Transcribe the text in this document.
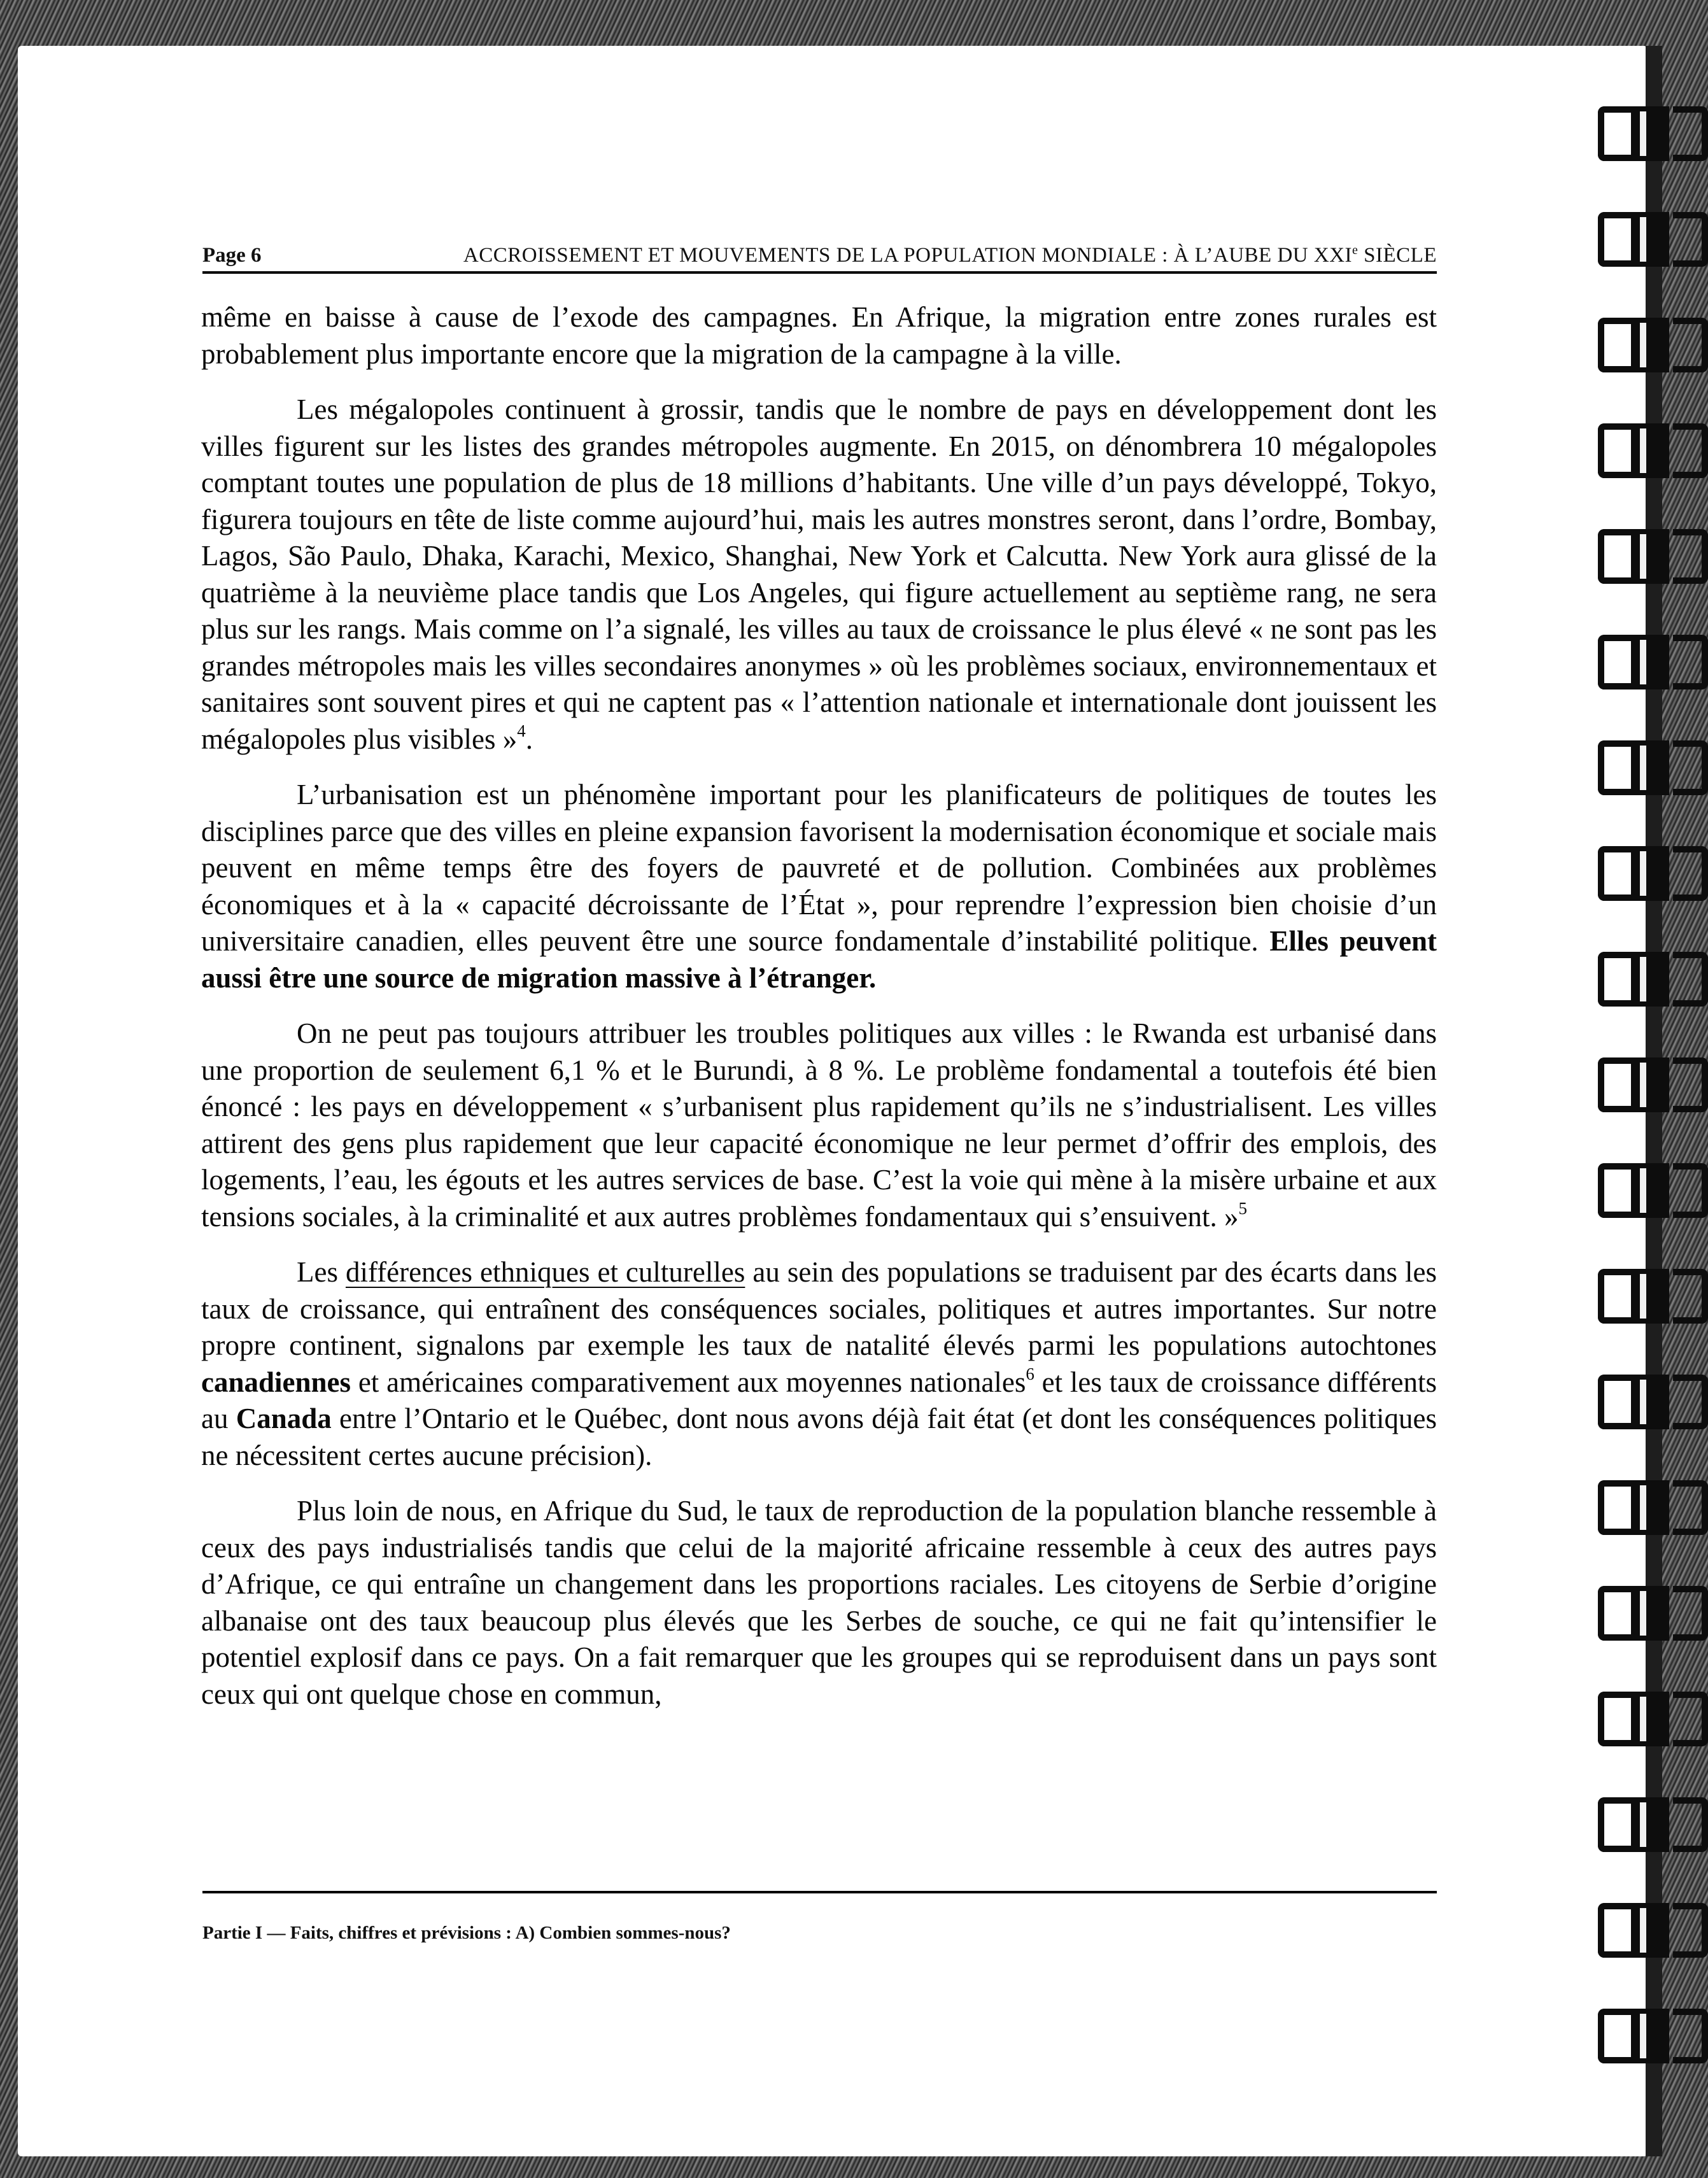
Page 6	ACCROISSEMENT ET MOUVEMENTS DE LA POPULATION MONDIALE : À L’AUBE DU XXIe SIÈCLE

même en baisse à cause de l’exode des campagnes. En Afrique, la migration entre zones rurales est probablement plus importante encore que la migration de la campagne à la ville.

Les mégalopoles continuent à grossir, tandis que le nombre de pays en développement dont les villes figurent sur les listes des grandes métropoles augmente. En 2015, on dénombrera 10 mégalopoles comptant toutes une population de plus de 18 millions d’habitants. Une ville d’un pays développé, Tokyo, figurera toujours en tête de liste comme aujourd’hui, mais les autres monstres seront, dans l’ordre, Bombay, Lagos, São Paulo, Dhaka, Karachi, Mexico, Shanghai, New York et Calcutta. New York aura glissé de la quatrième à la neuvième place tandis que Los Angeles, qui figure actuellement au septième rang, ne sera plus sur les rangs. Mais comme on l’a signalé, les villes au taux de croissance le plus élevé « ne sont pas les grandes métropoles mais les villes secondaires anonymes » où les problèmes sociaux, environnementaux et sanitaires sont souvent pires et qui ne captent pas « l’attention nationale et internationale dont jouissent les mégalopoles plus visibles »$^4$.

L’urbanisation est un phénomène important pour les planificateurs de politiques de toutes les disciplines parce que des villes en pleine expansion favorisent la modernisation économique et sociale mais peuvent en même temps être des foyers de pauvreté et de pollution. Combinées aux problèmes économiques et à la « capacité décroissante de l’État », pour reprendre l’expression bien choisie d’un universitaire canadien, elles peuvent être une source fondamentale d’instabilité politique. Elles peuvent aussi être une source de migration massive à l’étranger.

On ne peut pas toujours attribuer les troubles politiques aux villes : le Rwanda est urbanisé dans une proportion de seulement 6,1 % et le Burundi, à 8 %. Le problème fondamental a toutefois été bien énoncé : les pays en développement « s’urbanisent plus rapidement qu’ils ne s’industrialisent. Les villes attirent des gens plus rapidement que leur capacité économique ne leur permet d’offrir des emplois, des logements, l’eau, les égouts et les autres services de base. C’est la voie qui mène à la misère urbaine et aux tensions sociales, à la criminalité et aux autres problèmes fondamentaux qui s’ensuivent. »$^5$

Les différences ethniques et culturelles au sein des populations se traduisent par des écarts dans les taux de croissance, qui entraînent des conséquences sociales, politiques et autres importantes. Sur notre propre continent, signalons par exemple les taux de natalité élevés parmi les populations autochtones canadiennes et américaines comparativement aux moyennes nationales$^6$ et les taux de croissance différents au Canada entre l’Ontario et le Québec, dont nous avons déjà fait état (et dont les conséquences politiques ne nécessitent certes aucune précision).

Plus loin de nous, en Afrique du Sud, le taux de reproduction de la population blanche ressemble à ceux des pays industrialisés tandis que celui de la majorité africaine ressemble à ceux des autres pays d’Afrique, ce qui entraîne un changement dans les proportions raciales. Les citoyens de Serbie d’origine albanaise ont des taux beaucoup plus élevés que les Serbes de souche, ce qui ne fait qu’intensifier le potentiel explosif dans ce pays. On a fait remarquer que les groupes qui se reproduisent dans un pays sont ceux qui ont quelque chose en commun,

Partie I — Faits, chiffres et prévisions : A) Combien sommes-nous?
